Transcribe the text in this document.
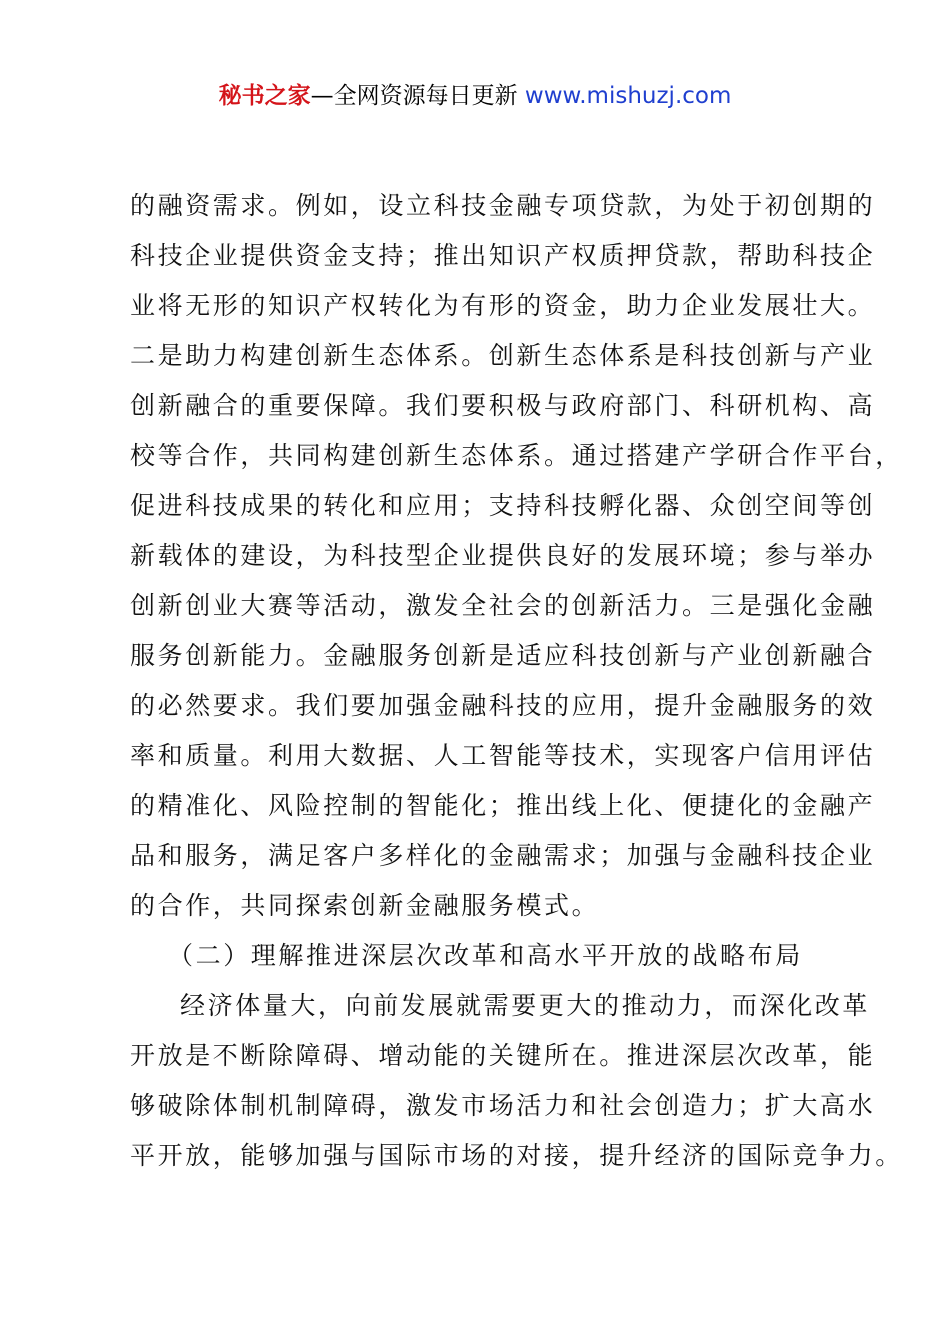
秘书之家—全网资源每日更新 www.mishuzj.com
的融资需求。例如，设立科技金融专项贷款，为处于初创期的
科技企业提供资金支持；推出知识产权质押贷款，帮助科技企
业将无形的知识产权转化为有形的资金，助力企业发展壮大。
二是助力构建创新生态体系。创新生态体系是科技创新与产业
创新融合的重要保障。我们要积极与政府部门、科研机构、高
校等合作，共同构建创新生态体系。通过搭建产学研合作平台，
促进科技成果的转化和应用；支持科技孵化器、众创空间等创
新载体的建设，为科技型企业提供良好的发展环境；参与举办
创新创业大赛等活动，激发全社会的创新活力。三是强化金融
服务创新能力。金融服务创新是适应科技创新与产业创新融合
的必然要求。我们要加强金融科技的应用，提升金融服务的效
率和质量。利用大数据、人工智能等技术，实现客户信用评估
的精准化、风险控制的智能化；推出线上化、便捷化的金融产
品和服务，满足客户多样化的金融需求；加强与金融科技企业
的合作，共同探索创新金融服务模式。
（二）理解推进深层次改革和高水平开放的战略布局
经济体量大，向前发展就需要更大的推动力，而深化改革
开放是不断除障碍、增动能的关键所在。推进深层次改革，能
够破除体制机制障碍，激发市场活力和社会创造力；扩大高水
平开放，能够加强与国际市场的对接，提升经济的国际竞争力。
